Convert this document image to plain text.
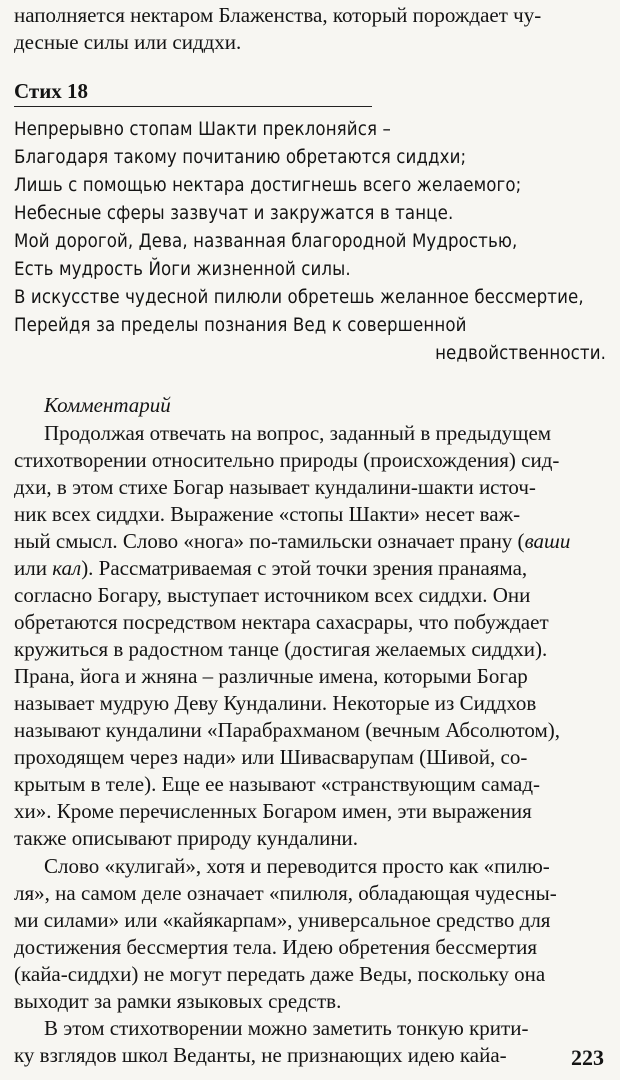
наполняется нектаром Блаженства, который порождает чу-
десные силы или сиддхи.
Стих 18
Непрерывно стопам Шакти преклоняйся –
Благодаря такому почитанию обретаются сиддхи;
Лишь с помощью нектара достигнешь всего желаемого;
Небесные сферы зазвучат и закружатся в танце.
Мой дорогой, Дева, названная благородной Мудростью,
Есть мудрость Йоги жизненной силы.
В искусстве чудесной пилюли обретешь желанное бессмертие,
Перейдя за пределы познания Вед к совершенной
недвойственности.
Комментарий
Продолжая отвечать на вопрос, заданный в предыдущем
стихотворении относительно природы (происхождения) сид-
дхи, в этом стихе Богар называет кундалини-шакти источ-
ник всех сиддхи. Выражение «стопы Шакти» несет важ-
ный смысл. Слово «нога» по-тамильски означает прану (ваши
или кал). Рассматриваемая с этой точки зрения пранаяма,
согласно Богару, выступает источником всех сиддхи. Они
обретаются посредством нектара сахасрары, что побуждает
кружиться в радостном танце (достигая желаемых сиддхи).
Прана, йога и жняна – различные имена, которыми Богар
называет мудрую Деву Кундалини. Некоторые из Сиддхов
называют кундалини «Парабрахманом (вечным Абсолютом),
проходящем через нади» или Шивасварупам (Шивой, со-
крытым в теле). Еще ее называют «странствующим самад-
хи». Кроме перечисленных Богаром имен, эти выражения
также описывают природу кундалини.
Слово «кулигай», хотя и переводится просто как «пилю-
ля», на самом деле означает «пилюля, обладающая чудесны-
ми силами» или «кайякарпам», универсальное средство для
достижения бессмертия тела. Идею обретения бессмертия
(кайа-сиддхи) не могут передать даже Веды, поскольку она
выходит за рамки языковых средств.
В этом стихотворении можно заметить тонкую крити-
ку взглядов школ Веданты, не признающих идею кайа-	223
